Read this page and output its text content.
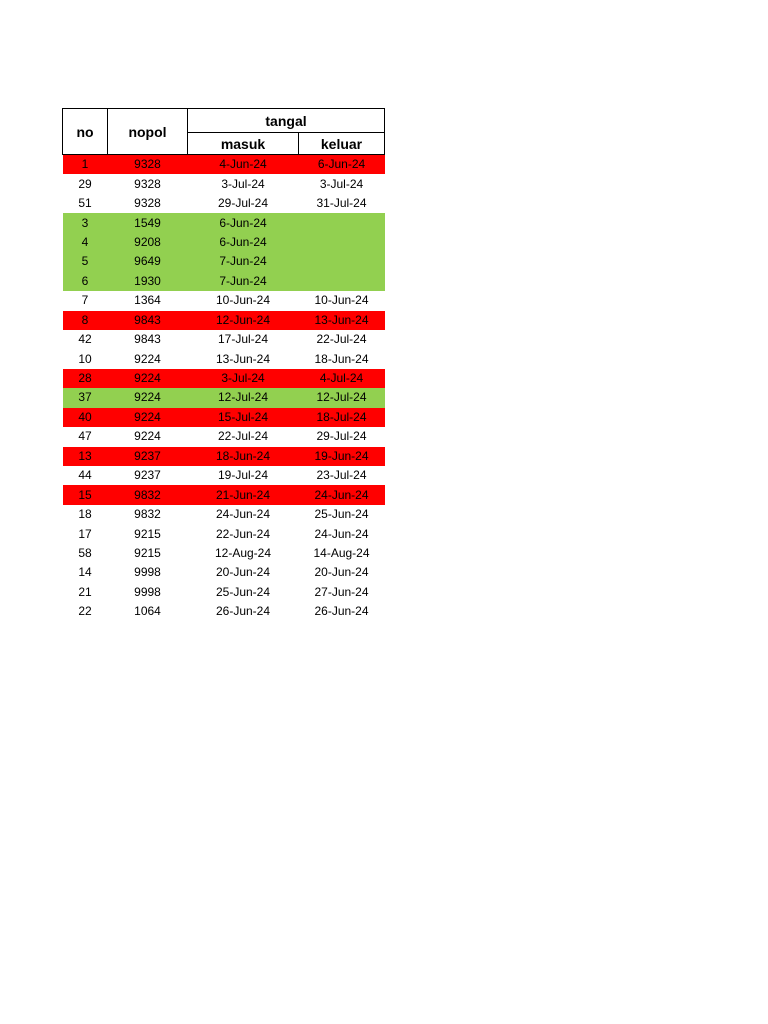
no	nopol	tangal	
		masuk	keluar
1	9328	4-Jun-24	6-Jun-24
29	9328	3-Jul-24	3-Jul-24
51	9328	29-Jul-24	31-Jul-24
3	1549	6-Jun-24	
4	9208	6-Jun-24	
5	9649	7-Jun-24	
6	1930	7-Jun-24	
7	1364	10-Jun-24	10-Jun-24
8	9843	12-Jun-24	13-Jun-24
42	9843	17-Jul-24	22-Jul-24
10	9224	13-Jun-24	18-Jun-24
28	9224	3-Jul-24	4-Jul-24
37	9224	12-Jul-24	12-Jul-24
40	9224	15-Jul-24	18-Jul-24
47	9224	22-Jul-24	29-Jul-24
13	9237	18-Jun-24	19-Jun-24
44	9237	19-Jul-24	23-Jul-24
15	9832	21-Jun-24	24-Jun-24
18	9832	24-Jun-24	25-Jun-24
17	9215	22-Jun-24	24-Jun-24
58	9215	12-Aug-24	14-Aug-24
14	9998	20-Jun-24	20-Jun-24
21	9998	25-Jun-24	27-Jun-24
22	1064	26-Jun-24	26-Jun-24
